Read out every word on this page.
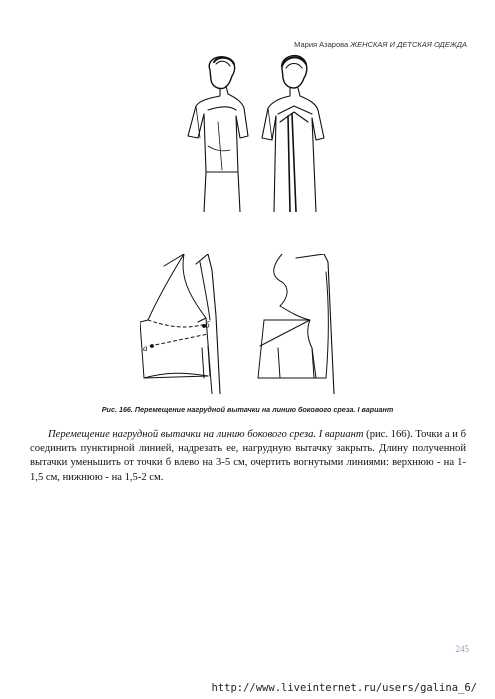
Мария Азарова ЖЕНСКАЯ И ДЕТСКАЯ ОДЕЖДА
а
б
Рис. 166. Перемещение нагрудной вытачки на линию бокового среза. I вариант

Перемещение нагрудной вытачки на линию бокового среза. I вариант (рис. 166). Точки а и б соединить пунктирной линией, надрезать ее, нагрудную вытачку закрыть. Длину полученной вытачки уменьшить от точки б влево на 3-5 см, очертить вогнутыми линиями: верхнюю - на 1-1,5 см, нижнюю - на 1,5-2 см.

245
http://www.liveinternet.ru/users/galina_6/
